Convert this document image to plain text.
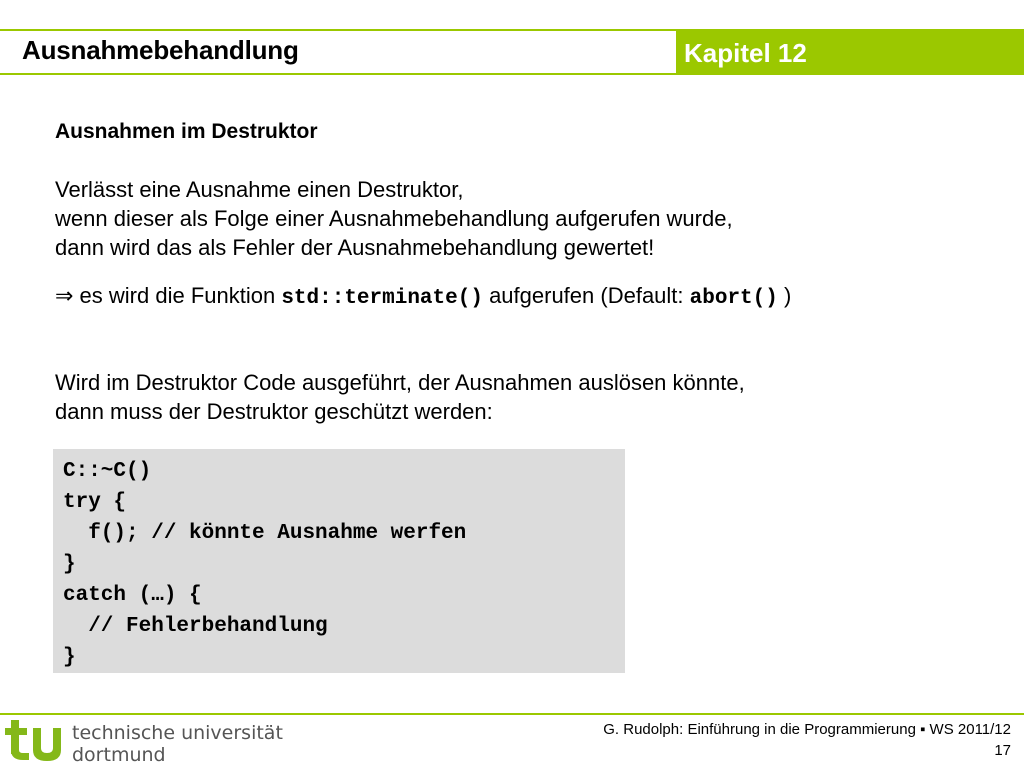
Ausnahmebehandlung	Kapitel 12
Ausnahmen im Destruktor
Verlässt eine Ausnahme einen Destruktor,
wenn dieser als Folge einer Ausnahmebehandlung aufgerufen wurde,
dann wird das als Fehler der Ausnahmebehandlung gewertet!
⇒ es wird die Funktion std::terminate() aufgerufen (Default: abort() )
Wird im Destruktor Code ausgeführt, der Ausnahmen auslösen könnte,
dann muss der Destruktor geschützt werden:
C::~C()
try {
f(); // könnte Ausnahme werfen
}
catch (…) {
// Fehlerbehandlung
}
technische universität
dortmund
G. Rudolph: Einführung in die Programmierung ▪ WS 2011/12
17
